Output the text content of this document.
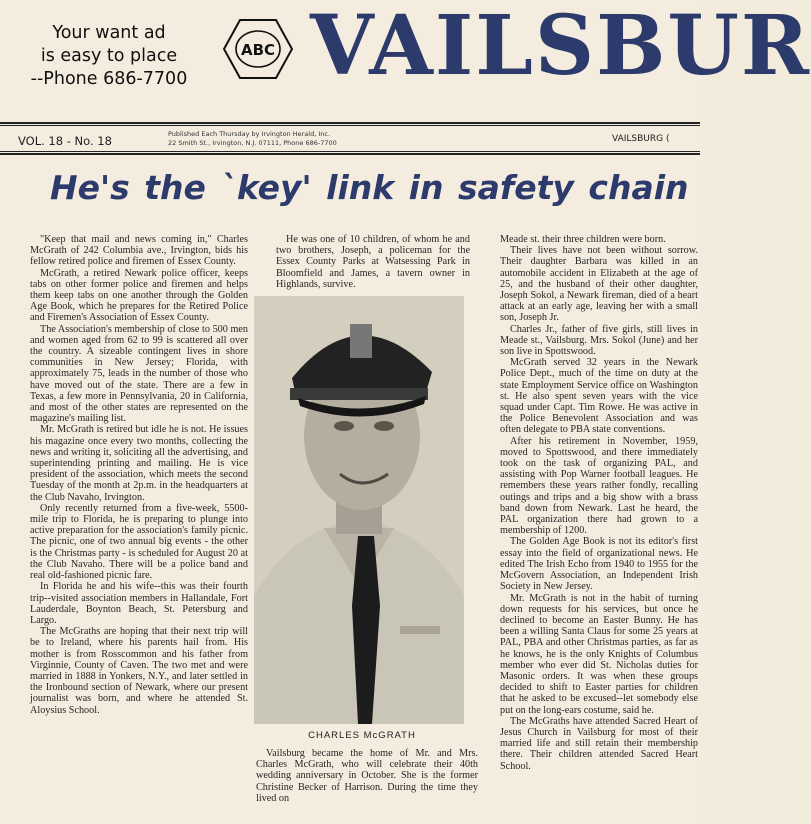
Your want ad
is easy to place
--Phone 686-7700
ABC VAILSBUR
VOL. 18 - No. 18	Published Each Thursday by Irvington Herald, Inc.
22 Smith St., Irvington, N.J. 07111, Phone 686-7700	VAILSBURG (
He's the `key' link in safety chain

"Keep that mail and news coming in," Charles McGrath of 242 Columbia ave., Irvington, bids his fellow retired police and firemen of Essex County.

McGrath, a retired Newark police officer, keeps tabs on other former police and firemen and helps them keep tabs on one another through the Golden Age Book, which he prepares for the Retired Police and Firemen's Association of Essex County.

The Association's membership of close to 500 men and women aged from 62 to 99 is scattered all over the country. A sizeable contingent lives in shore communities in New Jersey; Florida, with approximately 75, leads in the number of those who have moved out of the state. There are a few in Texas, a few more in Pennsylvania, 20 in California, and most of the other states are represented on the magazine's mailing list.

Mr. McGrath is retired but idle he is not. He issues his magazine once every two months, collecting the news and writing it, soliciting all the advertising, and superintending printing and mailing. He is vice president of the association, which meets the second Tuesday of the month at 2p.m. in the headquarters at the Club Navaho, Irvington.

Only recently returned from a five-week, 5500-mile trip to Florida, he is preparing to plunge into active preparation for the association's family picnic. The picnic, one of two annual big events - the other is the Christmas party - is scheduled for August 20 at the Club Navaho. There will be a police band and real old-fashioned picnic fare.

In Florida he and his wife--this was their fourth trip--visited association members in Hallandale, Fort Lauderdale, Boynton Beach, St. Petersburg and Largo.

The McGraths are hoping that their next trip will be to Ireland, where his parents hail from. His mother is from Rosscommon and his father from Virginnie, County of Caven. The two met and were married in 1888 in Yonkers, N.Y., and later settled in the Ironbound section of Newark, where our present journalist was born, and where he attended St. Aloysius School.

He was one of 10 children, of whom he and two brothers, Joseph, a policeman for the Essex County Parks at Watsessing Park in Bloomfield and James, a tavern owner in Highlands, survive.

CHARLES McGRATH

Vailsburg became the home of Mr. and Mrs. Charles McGrath, who will celebrate their 40th wedding anniversary in October. She is the former Christine Becker of Harrison. During the time they lived on

Meade st. their three children were born.

Their lives have not been without sorrow. Their daughter Barbara was killed in an automobile accident in Elizabeth at the age of 25, and the husband of their other daughter, Joseph Sokol, a Newark fireman, died of a heart attack at an early age, leaving her with a small son, Joseph Jr.

Charles Jr., father of five girls, still lives in Meade st., Vailsburg. Mrs. Sokol (June) and her son live in Spottswood.

McGrath served 32 years in the Newark Police Dept., much of the time on duty at the state Employment Service office on Washington st. He also spent seven years with the vice squad under Capt. Tim Rowe. He was active in the Police Benevolent Association and was often delegate to PBA state conventions.

After his retirement in November, 1959, moved to Spottswood, and there immediately took on the task of organizing PAL, and assisting with Pop Warner football leagues. He remembers these years rather fondly, recalling outings and trips and a big show with a brass band down from Newark. Last he heard, the PAL organization there had grown to a membership of 1200.

The Golden Age Book is not its editor's first essay into the field of organizational news. He edited The Irish Echo from 1940 to 1955 for the McGovern Association, an Independent Irish Society in New Jersey.

Mr. McGrath is not in the habit of turning down requests for his services, but once he declined to become an Easter Bunny. He has been a willing Santa Claus for some 25 years at PAL, PBA and other Christmas parties, as far as he knows, he is the only Knights of Columbus member who ever did St. Nicholas duties for Masonic orders. It was when these groups decided to shift to Easter parties for children that he asked to be excused--let somebody else put on the long-ears costume, said he.

The McGraths have attended Sacred Heart of Jesus Church in Vailsburg for most of their married life and still retain their membership there. Their children attended Sacred Heart School.
